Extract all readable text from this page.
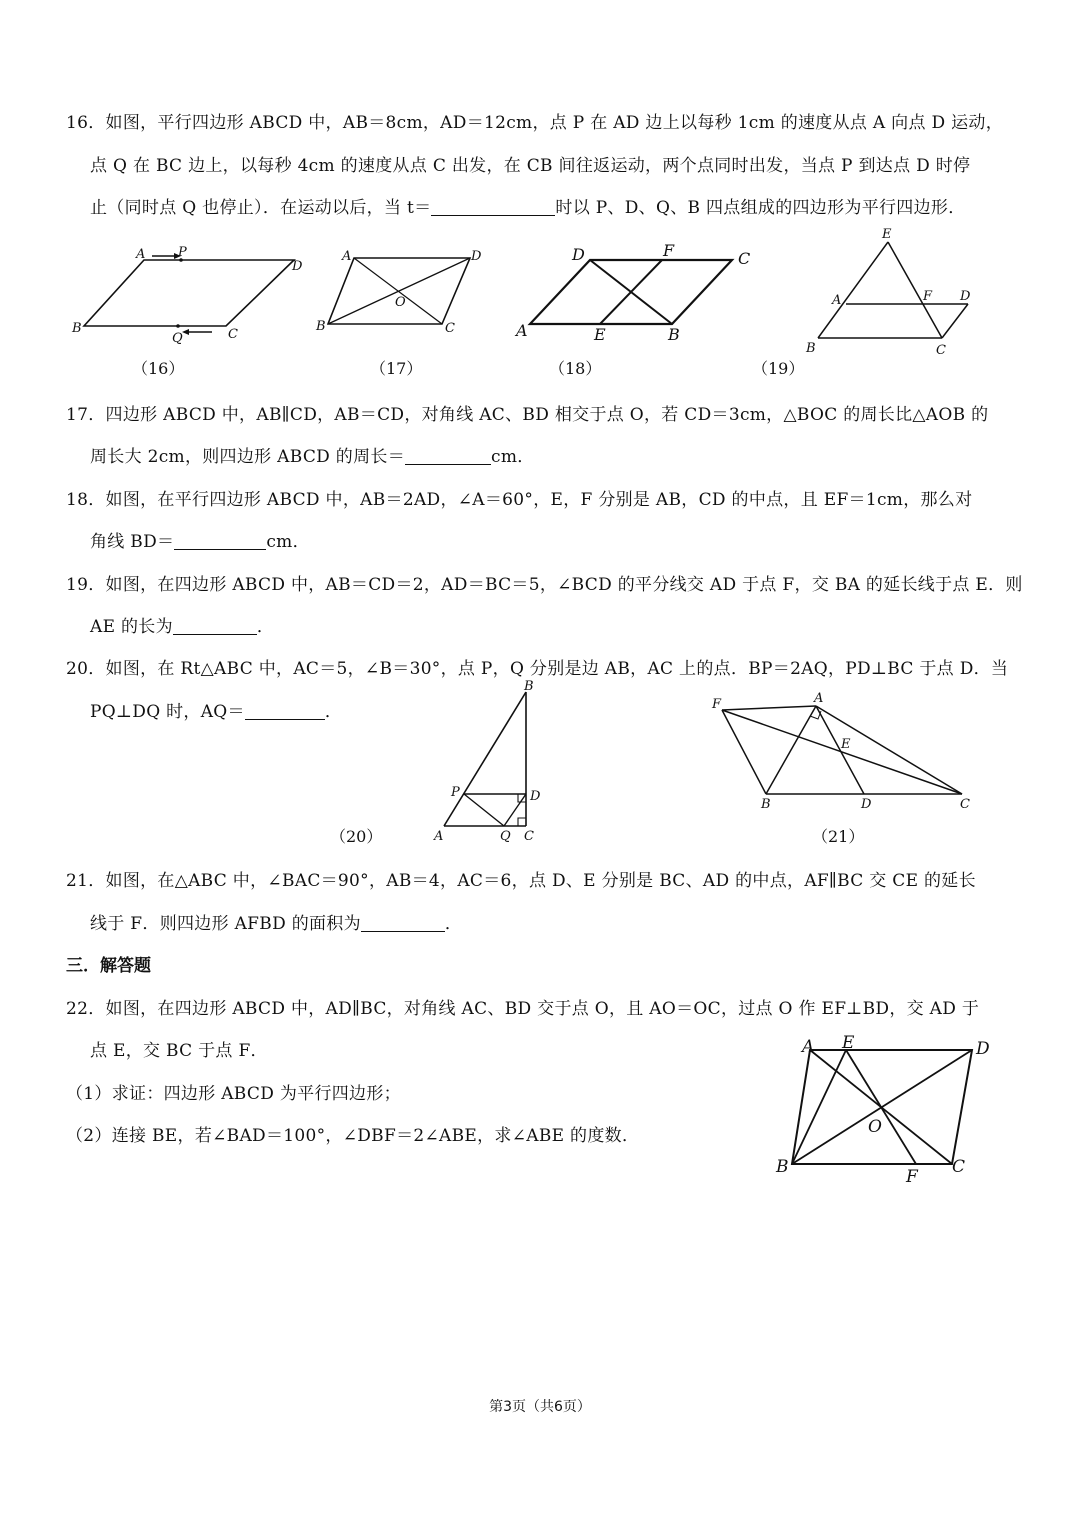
16．如图，平行四边形 ABCD 中，AB＝8cm，AD＝12cm，点 P 在 AD 边上以每秒 1cm 的速度从点 A 向点 D 运动，
点 Q 在 BC 边上，以每秒 4cm 的速度从点 C 出发，在 CB 间往返运动，两个点同时出发，当点 P 到达点 D 时停
止（同时点 Q 也停止）．在运动以后，当 t＝	时以 P、D、Q、B 四点组成的四边形为平行四边形．
A	P
D
B
Q	C
（16）
A	D
O
B	C
（17）
D	F	C
A	E	B
（18）
E
A	F D
B	C
（19）
17．四边形 ABCD 中，AB∥CD，AB＝CD，对角线 AC、BD 相交于点 O，若 CD＝3cm，△BOC 的周长比△AOB 的
周长大 2cm，则四边形 ABCD 的周长＝	cm．
18．如图，在平行四边形 ABCD 中，AB＝2AD，∠A＝60°，E，F 分别是 AB，CD 的中点，且 EF＝1cm，那么对
角线 BD＝	cm．
19．如图，在四边形 ABCD 中，AB＝CD＝2，AD＝BC＝5，∠BCD 的平分线交 AD 于点 F，交 BA 的延长线于点 E．则
AE 的长为	．
20．如图，在 Rt△ABC 中，AC＝5，∠B＝30°，点 P，Q 分别是边 AB，AC 上的点．BP＝2AQ，PD⊥BC 于点 D．当
PQ⊥DQ 时，AQ＝	．
B
P	D
A	Q C
（20）
F	A
E
B	D	C
（21）
21．如图，在△ABC 中，∠BAC＝90°，AB＝4，AC＝6，点 D、E 分别是 BC、AD 的中点，AF∥BC 交 CE 的延长
线于 F．则四边形 AFBD 的面积为	．
三．解答题
22．如图，在四边形 ABCD 中，AD∥BC，对角线 AC、BD 交于点 O，且 AO＝OC，过点 O 作 EF⊥BD，交 AD 于
点 E，交 BC 于点 F．
（1）求证：四边形 ABCD 为平行四边形；
（2）连接 BE，若∠BAD＝100°，∠DBF＝2∠ABE，求∠ABE 的度数．
A E	D
O
B	F C
第3页（共6页）
